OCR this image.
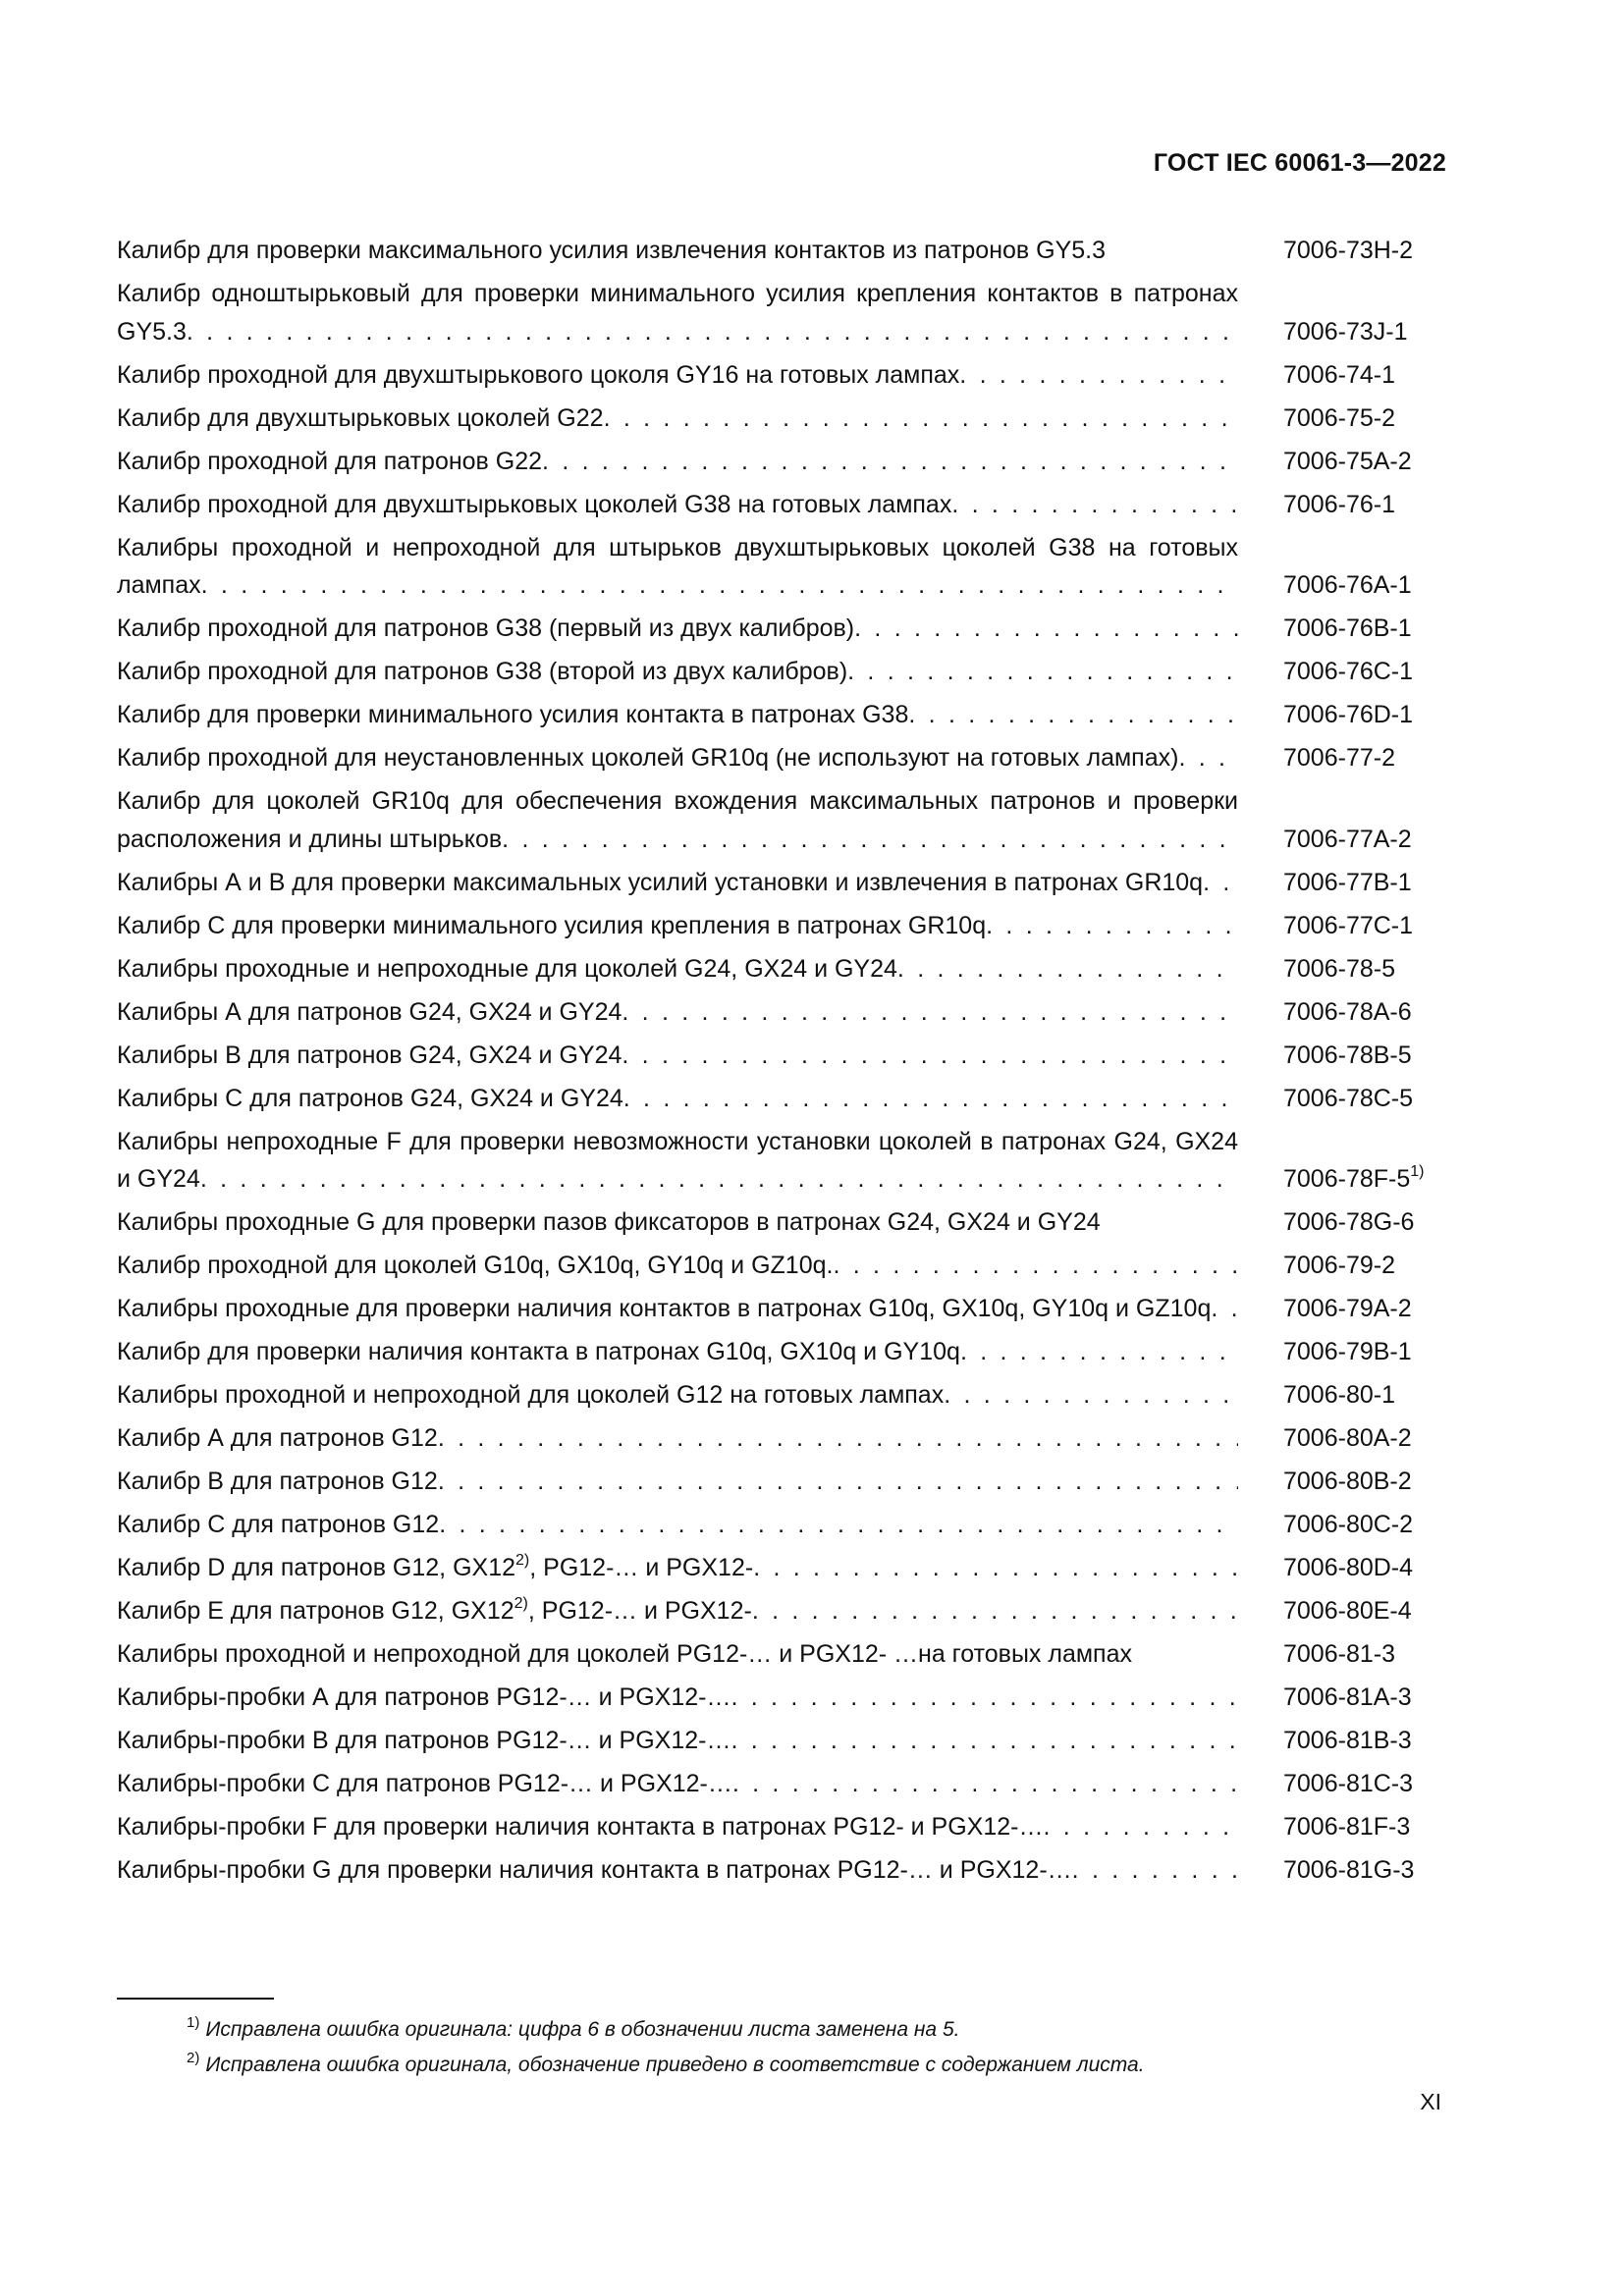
ГОСТ IEC 60061-3—2022
Калибр для проверки максимального усилия извлечения контактов из патронов GY5.3	7006-73H-2
Калибр одноштырьковый для проверки минимального усилия крепления контактов в патронах GY5.3 . . .	7006-73J-1
Калибр проходной для двухштырькового цоколя GY16 на готовых лампах . . .	7006-74-1
Калибр для двухштырьковых цоколей G22 . . .	7006-75-2
Калибр проходной для патронов G22 . . .	7006-75A-2
Калибр проходной для двухштырьковых цоколей G38 на готовых лампах . . .	7006-76-1
Калибры проходной и непроходной для штырьков двухштырьковых цоколей G38 на готовых лампах . . .	7006-76A-1
Калибр проходной для патронов G38 (первый из двух калибров) . . .	7006-76B-1
Калибр проходной для патронов G38 (второй из двух калибров) . . .	7006-76C-1
Калибр для проверки минимального усилия контакта в патронах G38 . . .	7006-76D-1
Калибр проходной для неустановленных цоколей GR10q (не используют на готовых лампах) . . .	7006-77-2
Калибр для цоколей GR10q для обеспечения вхождения максимальных патронов и проверки расположения и длины штырьков . . .	7006-77A-2
Калибры А и В для проверки максимальных усилий установки и извлечения в патронах GR10q . . .	7006-77B-1
Калибр С для проверки минимального усилия крепления в патронах GR10q . . .	7006-77C-1
Калибры проходные и непроходные для цоколей G24, GX24 и GY24 . . .	7006-78-5
Калибры А для патронов G24, GX24 и GY24 . . .	7006-78A-6
Калибры В для патронов G24, GX24 и GY24 . . .	7006-78B-5
Калибры С для патронов G24, GX24 и GY24 . . .	7006-78C-5
Калибры непроходные F для проверки невозможности установки цоколей в патронах G24, GX24 и GY24 . . .	7006-78F-5$^{1)}$
Калибры проходные G для проверки пазов фиксаторов в патронах G24, GX24 и GY24	7006-78G-6
Калибр проходной для цоколей G10q, GX10q, GY10q и GZ10q. . . .	7006-79-2
Калибры проходные для проверки наличия контактов в патронах G10q, GX10q, GY10q и GZ10q . . .	7006-79A-2
Калибр для проверки наличия контакта в патронах G10q, GX10q и GY10q . . .	7006-79B-1
Калибры проходной и непроходной для цоколей G12 на готовых лампах . . .	7006-80-1
Калибр А для патронов G12 . . .	7006-80A-2
Калибр В для патронов G12 . . .	7006-80B-2
Калибр С для патронов G12 . . .	7006-80C-2
Калибр D для патронов G12, GX12$^{2)}$, PG12-… и PGX12- . . .	7006-80D-4
Калибр E для патронов G12, GX12$^{2)}$, PG12-… и PGX12- . . .	7006-80E-4
Калибры проходной и непроходной для цоколей PG12-… и PGX12- …на готовых лампах	7006-81-3
Калибры-пробки А для патронов PG12-… и PGX12-… . . .	7006-81A-3
Калибры-пробки В для патронов PG12-… и PGX12-… . . .	7006-81B-3
Калибры-пробки С для патронов PG12-… и PGX12-… . . .	7006-81C-3
Калибры-пробки F для проверки наличия контакта в патронах PG12- и PGX12-… . . .	7006-81F-3
Калибры-пробки G для проверки наличия контакта в патронах PG12-… и PGX12-… . . .	7006-81G-3
$^{1)}$ Исправлена ошибка оригинала: цифра 6 в обозначении листа заменена на 5.
$^{2)}$ Исправлена ошибка оригинала, обозначение приведено в соответствие с содержанием листа.
XI
